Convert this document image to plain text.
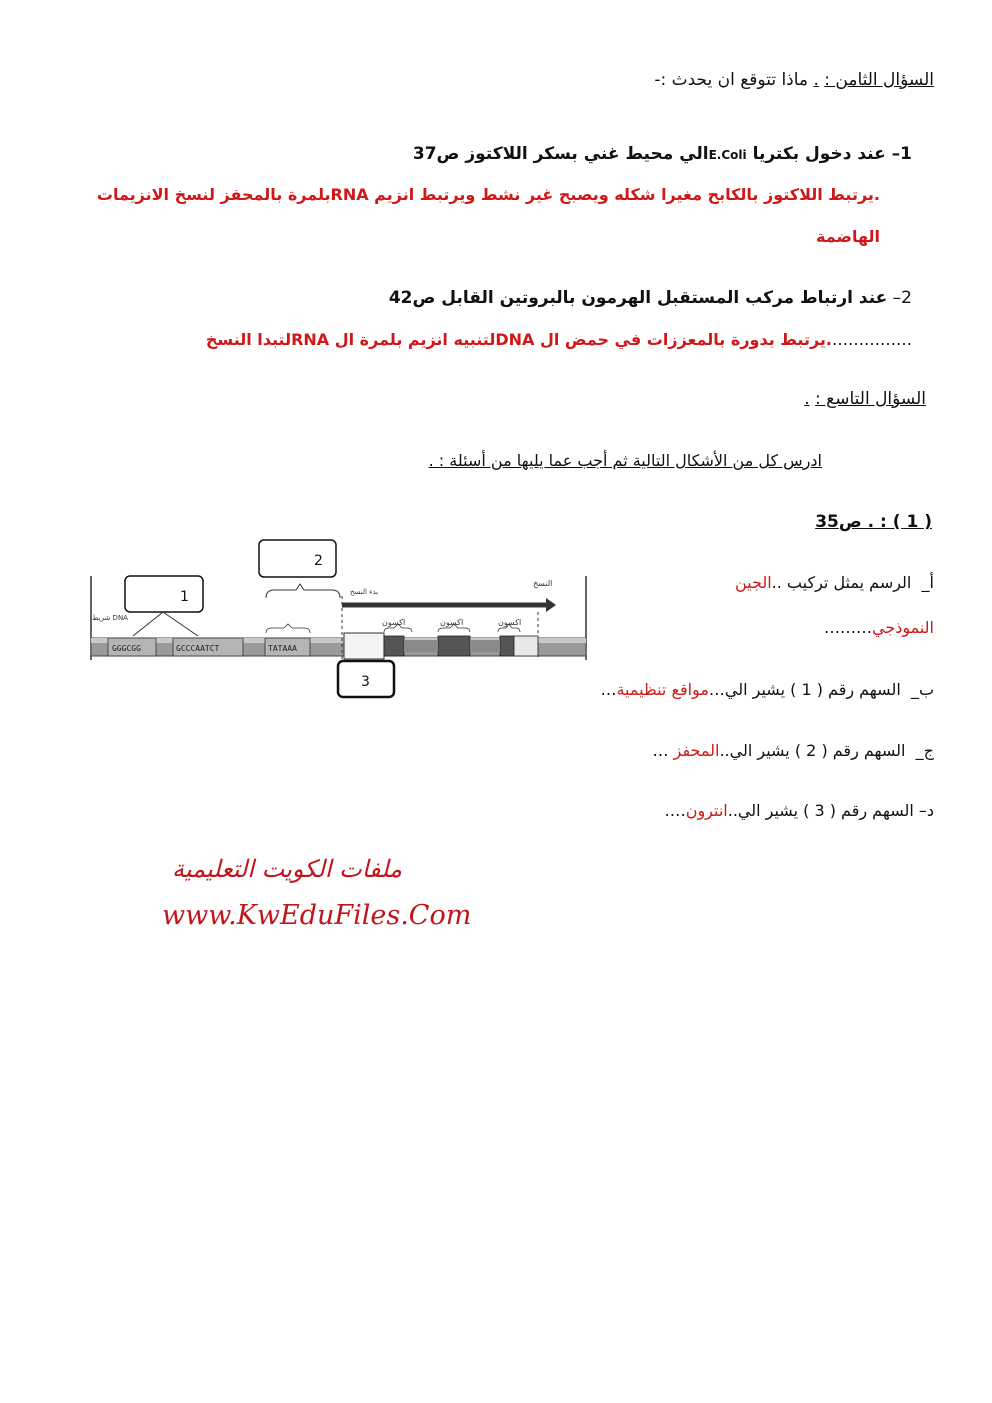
السؤال الثامن : . ماذا تتوقع ان يحدث :-
1– عند دخول بكتريا E.Coliالي محيط غني بسكر اللاكتوز ص37
.يرتبط اللاكتوز بالكابح مغيرا شكله ويصبح غير نشط ويرتبط انزيم RNAبلمرة بالمحفز لنسخ الانزيمات
الهاضمة
2– عند ارتباط مركب المستقبل الهرمون بالبروتين القابل ص42
…………….يرتبط بدورة بالمعززات في حمض ال DNAلتنبيه انزيم بلمرة ال RNAلتبدا النسخ
السؤال التاسع : .
ادرس كل من الأشكال التالية ثم أجب عما يليها من أسئلة : .
( 1 ) : . ص35
GGGCGG	GCCCAATCT	TATAAA
بدء النسخ
النسخ
اكسون	اكسون	اكسون
شريط DNA
1
2
3
أ_  الرسم يمثل تركيب ..الجين
النموذجي………
ب_  السهم رقم ( 1 ) يشير الي…مواقع تنظيمية…
ج_  السهم رقم ( 2 ) يشير الي..المحفز …
د– السهم رقم ( 3 ) يشير الي..انترون….
ملفات الكويت التعليمية
www.KwEduFiles.Com
